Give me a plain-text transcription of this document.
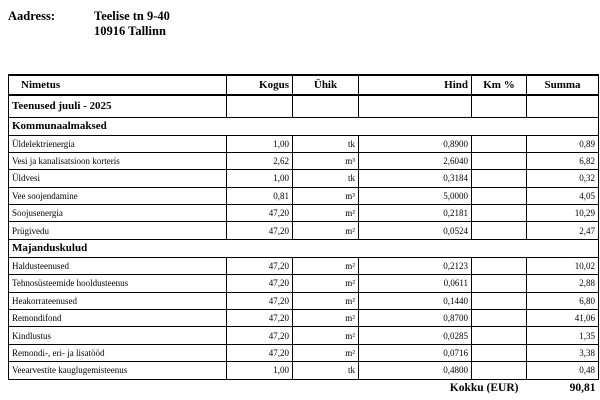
Aadress:	Teelise tn 9-40
10916 Tallinn
Nimetus	Kogus	Ühik	Hind	Km %	Summa
Teenused juuli - 2025					
Kommunaalmaksed					
Üldelektrienergia	1,00	tk	0,8900		0,89
Vesi ja kanalisatsioon korteris	2,62	m³	2,6040		6,82
Üldvesi	1,00	tk	0,3184		0,32
Vee soojendamine	0,81	m³	5,0000		4,05
Soojusenergia	47,20	m²	0,2181		10,29
Prügivedu	47,20	m²	0,0524		2,47
Majanduskulud					
Haldusteenused	47,20	m²	0,2123		10,02
Tehnosüsteemide hooldusteenus	47,20	m²	0,0611		2,88
Heakorrateenused	47,20	m²	0,1440		6,80
Remondifond	47,20	m²	0,8700		41,06
Kindlustus	47,20	m²	0,0285		1,35
Remondi-, eri- ja lisatööd	47,20	m²	0,0716		3,38
Veearvestite kauglugemisteenus	1,00	tk	0,4800		0,48
			Kokku (EUR)		90,81
